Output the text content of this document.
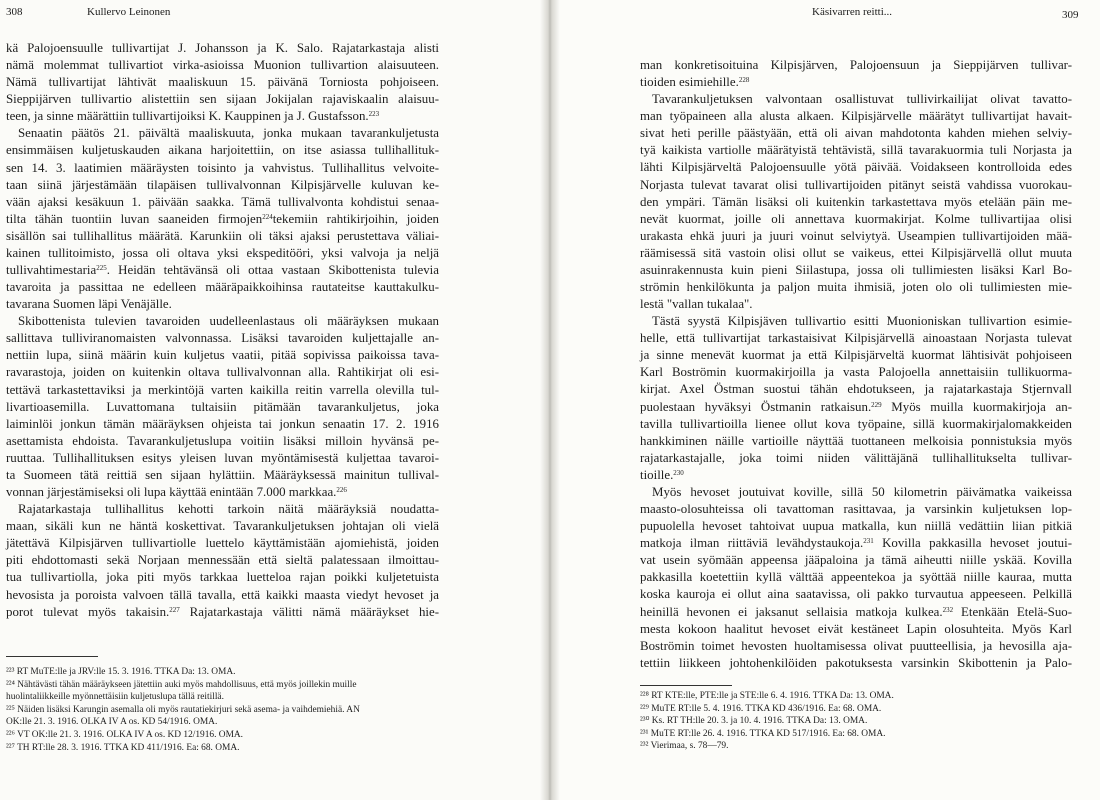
308	Kullervo Leinonen
kä Palojoensuulle tullivartijat J. Johansson ja K. Salo. Rajatarkastaja alisti
nämä molemmat tullivartiot virka-asioissa Muonion tullivartion alaisuuteen.
Nämä tullivartijat lähtivät maaliskuun 15. päivänä Torniosta pohjoiseen.
Sieppijärven tullivartio alistettiin sen sijaan Jokijalan rajaviskaalin alaisuu-
teen, ja sinne määrättiin tullivartijoiksi K. Kauppinen ja J. Gustafsson.$^{223}$
Senaatin päätös 21. päivältä maaliskuuta, jonka mukaan tavarankuljetusta
ensimmäisen kuljetuskauden aikana harjoitettiin, on itse asiassa tullihallituk-
sen 14. 3. laatimien määräysten toisinto ja vahvistus. Tullihallitus velvoite-
taan siinä järjestämään tilapäisen tullivalvonnan Kilpisjärvelle kuluvan ke-
vään ajaksi kesäkuun 1. päivään saakka. Tämä tullivalvonta kohdistui senaa-
tilta tähän tuontiin luvan saaneiden firmojen$^{224}$tekemiin rahtikirjoihin, joiden
sisällön sai tullihallitus määrätä. Karunkiin oli täksi ajaksi perustettava väliai-
kainen tullitoimisto, jossa oli oltava yksi ekspeditööri, yksi valvoja ja neljä
tullivahtimestaria$^{225}$. Heidän tehtävänsä oli ottaa vastaan Skibottenista tulevia
tavaroita ja passittaa ne edelleen määräpaikkoihinsa rautateitse kauttakulku-
tavarana Suomen läpi Venäjälle.
Skibottenista tulevien tavaroiden uudelleenlastaus oli määräyksen mukaan
sallittava tulliviranomaisten valvonnassa. Lisäksi tavaroiden kuljettajalle an-
nettiin lupa, siinä määrin kuin kuljetus vaatii, pitää sopivissa paikoissa tava-
ravarastoja, joiden on kuitenkin oltava tullivalvonnan alla. Rahtikirjat oli esi-
tettävä tarkastettaviksi ja merkintöjä varten kaikilla reitin varrella olevilla tul-
livartioasemilla. Luvattomana tultaisiin pitämään tavarankuljetus, joka
laiminlöi jonkun tämän määräyksen ohjeista tai jonkun senaatin 17. 2. 1916
asettamista ehdoista. Tavarankuljetuslupa voitiin lisäksi milloin hyvänsä pe-
ruuttaa. Tullihallituksen esitys yleisen luvan myöntämisestä kuljettaa tavaroi-
ta Suomeen tätä reittiä sen sijaan hylättiin. Määräyksessä mainitun tullival-
vonnan järjestämiseksi oli lupa käyttää enintään 7.000 markkaa.$^{226}$
Rajatarkastaja tullihallitus kehotti tarkoin näitä määräyksiä noudatta-
maan, sikäli kun ne häntä koskettivat. Tavarankuljetuksen johtajan oli vielä
jätettävä Kilpisjärven tullivartiolle luettelo käyttämistään ajomiehistä, joiden
piti ehdottomasti sekä Norjaan mennessään että sieltä palatessaan ilmoittau-
tua tullivartiolla, joka piti myös tarkkaa luetteloa rajan poikki kuljetetuista
hevosista ja poroista valvoen tällä tavalla, että kaikki maasta viedyt hevoset ja
porot tulevat myös takaisin.$^{227}$ Rajatarkastaja välitti nämä määräykset hie-
²²³ RT MuTE:lle ja JRV:lle 15. 3. 1916. TTKA Da: 13. OMA.
²²⁴ Nähtävästi tähän määräykseen jätettiin auki myös mahdollisuus, että myös joillekin muille
huolintaliikkeille myönnettäisiin kuljetuslupa tällä reitillä.
²²⁵ Näiden lisäksi Karungin asemalla oli myös rautatiekirjuri sekä asema- ja vaihdemiehiä. AN
OK:lle 21. 3. 1916. OLKA IV A os. KD 54/1916. OMA.
²²⁶ VT OK:lle 21. 3. 1916. OLKA IV A os. KD 12/1916. OMA.
²²⁷ TH RT:lle 28. 3. 1916. TTKA KD 411/1916. Ea: 68. OMA.
Käsivarren reitti...	309
man konkretisoituina Kilpisjärven, Palojoensuun ja Sieppijärven tullivar-
tioiden esimiehille.$^{228}$
Tavarankuljetuksen valvontaan osallistuvat tullivirkailijat olivat tavatto-
man työpaineen alla alusta alkaen. Kilpisjärvelle määrätyt tullivartijat havait-
sivat heti perille päästyään, että oli aivan mahdotonta kahden miehen selviy-
tyä kaikista vartiolle määrätyistä tehtävistä, sillä tavarakuormia tuli Norjasta ja
lähti Kilpisjärveltä Palojoensuulle yötä päivää. Voidakseen kontrolloida edes
Norjasta tulevat tavarat olisi tullivartijoiden pitänyt seistä vahdissa vuorokau-
den ympäri. Tämän lisäksi oli kuitenkin tarkastettava myös etelään päin me-
nevät kuormat, joille oli annettava kuormakirjat. Kolme tullivartijaa olisi
urakasta ehkä juuri ja juuri voinut selviytyä. Useampien tullivartijoiden mää-
räämisessä sitä vastoin olisi ollut se vaikeus, ettei Kilpisjärvellä ollut muuta
asuinrakennusta kuin pieni Siilastupa, jossa oli tullimiesten lisäksi Karl Bo-
strömin henkilökunta ja paljon muita ihmisiä, joten olo oli tullimiesten mie-
lestä "vallan tukalaa".
Tästä syystä Kilpisjäven tullivartio esitti Muonioniskan tullivartion esimie-
helle, että tullivartijat tarkastaisivat Kilpisjärvellä ainoastaan Norjasta tulevat
ja sinne menevät kuormat ja että Kilpisjärveltä kuormat lähtisivät pohjoiseen
Karl Boströmin kuormakirjoilla ja vasta Palojoella annettaisiin tullikuorma-
kirjat. Axel Östman suostui tähän ehdotukseen, ja rajatarkastaja Stjernvall
puolestaan hyväksyi Östmanin ratkaisun.$^{229}$ Myös muilla kuormakirjoja an-
tavilla tullivartioilla lienee ollut kova työpaine, sillä kuormakirjalomakkeiden
hankkiminen näille vartioille näyttää tuottaneen melkoisia ponnistuksia myös
rajatarkastajalle, joka toimi niiden välittäjänä tullihallitukselta tullivar-
tioille.$^{230}$
Myös hevoset joutuivat koville, sillä 50 kilometrin päivämatka vaikeissa
maasto-olosuhteissa oli tavattoman rasittavaa, ja varsinkin kuljetuksen lop-
pupuolella hevoset tahtoivat uupua matkalla, kun niillä vedättiin liian pitkiä
matkoja ilman riittäviä levähdystaukoja.$^{231}$ Kovilla pakkasilla hevoset joutui-
vat usein syömään appeensa jääpaloina ja tämä aiheutti niille yskää. Kovilla
pakkasilla koetettiin kyllä välttää appeentekoa ja syöttää niille kauraa, mutta
koska kauroja ei ollut aina saatavissa, oli pakko turvautua appeeseen. Pelkillä
heinillä hevonen ei jaksanut sellaisia matkoja kulkea.$^{232}$ Etenkään Etelä-Suo-
mesta kokoon haalitut hevoset eivät kestäneet Lapin olosuhteita. Myös Karl
Boströmin toimet hevosten huoltamisessa olivat puutteellisia, ja hevosilla aja-
tettiin liikkeen johtohenkilöiden pakotuksesta varsinkin Skibottenin ja Palo-
²²⁸ RT KTE:lle, PTE:lle ja STE:lle 6. 4. 1916. TTKA Da: 13. OMA.
²²⁹ MuTE RT:lle 5. 4. 1916. TTKA KD 436/1916. Ea: 68. OMA.
²³⁰ Ks. RT TH:lle 20. 3. ja 10. 4. 1916. TTKA Da: 13. OMA.
²³¹ MuTE RT:lle 26. 4. 1916. TTKA KD 517/1916. Ea: 68. OMA.
²³² Vierimaa, s. 78—79.
